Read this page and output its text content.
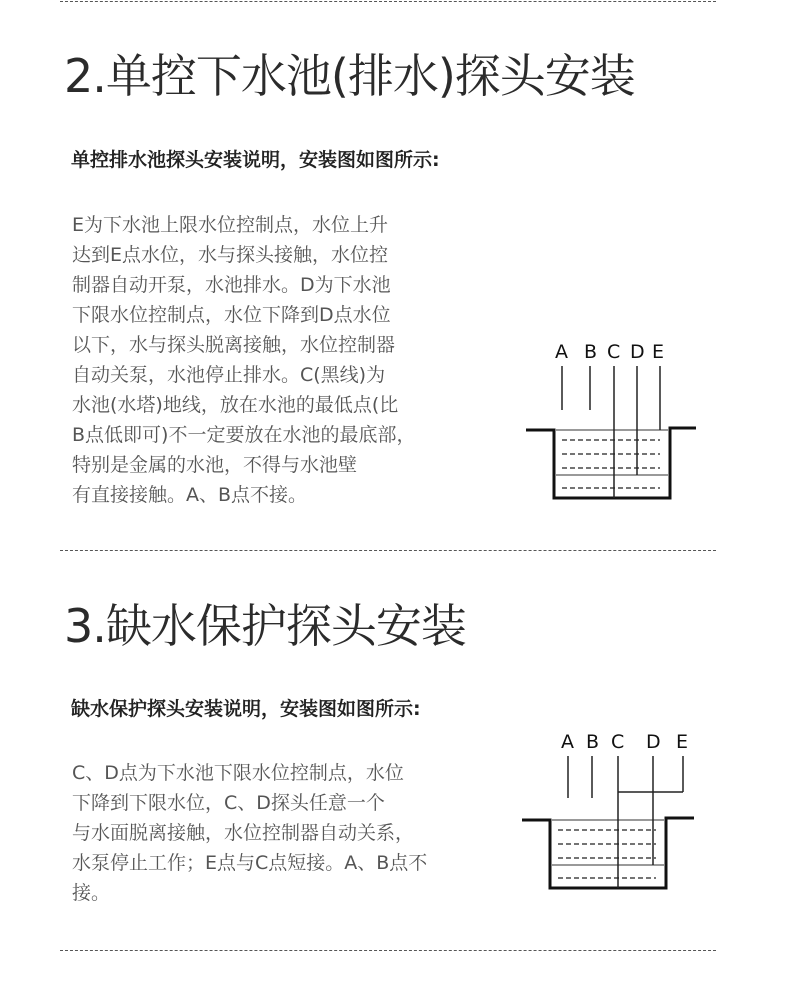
2.单控下水池(排水)探头安装

单控排水池探头安装说明，安装图如图所示:

E为下水池上限水位控制点，水位上升
达到E点水位，水与探头接触，水位控
制器自动开泵，水池排水。D为下水池
下限水位控制点，水位下降到D点水位
以下，水与探头脱离接触，水位控制器
自动关泵，水池停止排水。C(黑线)为
水池(水塔)地线，放在水池的最低点(比
B点低即可)不一定要放在水池的最底部，
特别是金属的水池，不得与水池壁
有直接接触。A、B点不接。
A B C D E
3.缺水保护探头安装

缺水保护探头安装说明，安装图如图所示:

C、D点为下水池下限水位控制点，水位
下降到下限水位，C、D探头任意一个
与水面脱离接触，水位控制器自动关系，
水泵停止工作；E点与C点短接。A、B点不
接。
A B C D E
